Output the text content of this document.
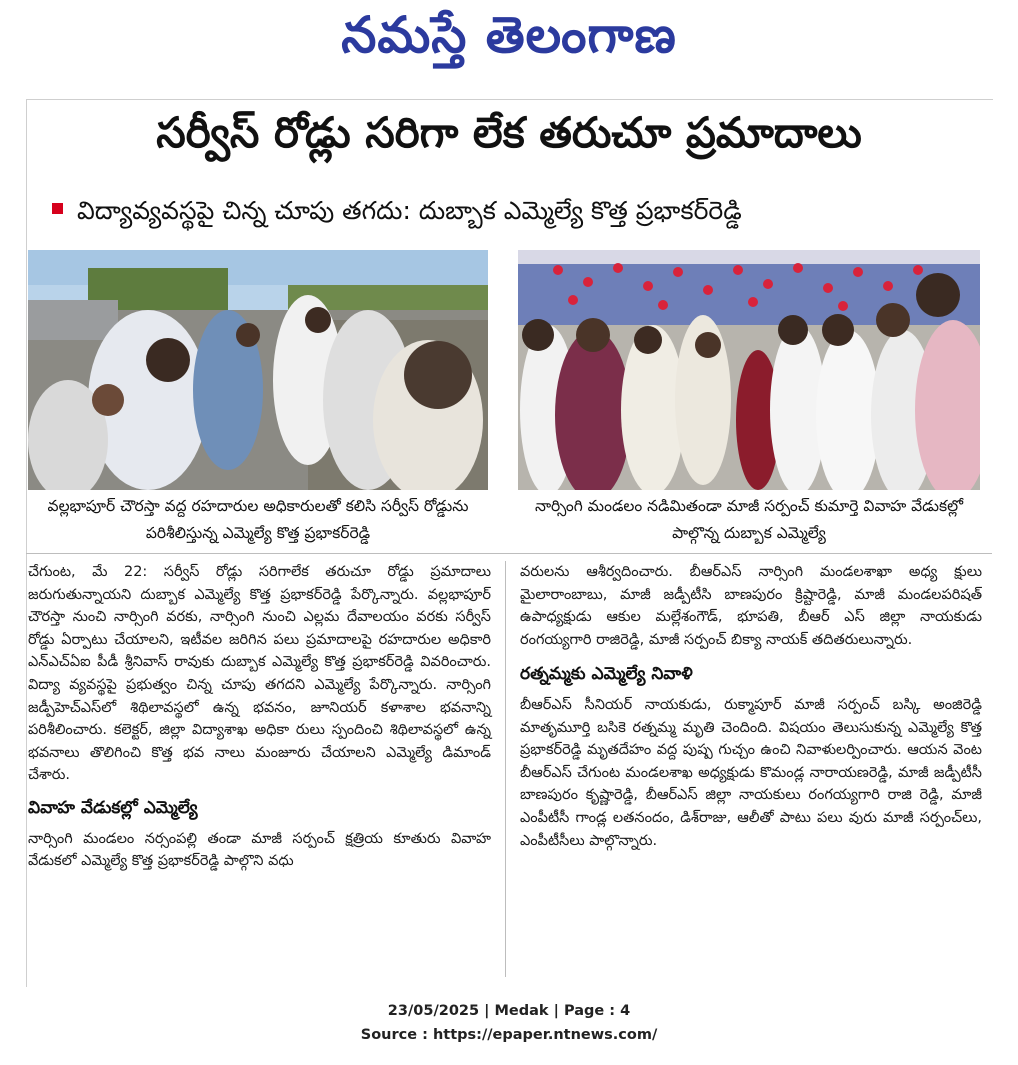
నమస్తే తెలంగాణ
సర్వీస్ రోడ్లు సరిగా లేక తరుచూ ప్రమాదాలు
విద్యావ్యవస్థపై చిన్న చూపు తగదు: దుబ్బాక ఎమ్మెల్యే కొత్త ప్రభాకర్‌రెడ్డి
వల్లభాపూర్ చౌరస్తా వద్ద రహదారుల అధికారులతో కలిసి సర్వీస్ రోడ్డును పరిశీలిస్తున్న ఎమ్మెల్యే కొత్త ప్రభాకర్‌రెడ్డి
నార్సింగి మండలం నడిమితండా మాజీ సర్పంచ్ కుమార్తె వివాహ వేడుకల్లో పాల్గొన్న దుబ్బాక ఎమ్మెల్యే

చేగుంట, మే 22: సర్వీస్ రోడ్లు సరిగాలేక తరుచూ రోడ్డు ప్రమాదాలు జరుగుతున్నాయని దుబ్బాక ఎమ్మెల్యే కొత్త ప్రభాకర్‌రెడ్డి పేర్కొన్నారు. వల్లభాపూర్ చౌరస్తా నుంచి నార్సింగి వరకు, నార్సింగి నుంచి ఎల్లమ దేవాలయం వరకు సర్వీస్ రోడ్డు ఏర్పాటు చేయాలని, ఇటీవల జరిగిన పలు ప్రమాదాలపై రహదారుల అధికారి ఎన్‌ఎచ్‌ఏఐ పీడీ శ్రీనివాస్ రావుకు దుబ్బాక ఎమ్మెల్యే కొత్త ప్రభాకర్‌రెడ్డి వివరించారు. విద్యా వ్యవస్థపై ప్రభుత్వం చిన్న చూపు తగదని ఎమ్మెల్యే పేర్కొన్నారు. నార్సింగి జడ్పీహెచ్‌ఎస్‌లో శిథిలావస్థలో ఉన్న భవనం, జూనియర్ కళాశాల భవనాన్ని పరిశీలించారు. కలెక్టర్, జిల్లా విద్యాశాఖ అధికా రులు స్పందించి శిథిలావస్థలో ఉన్న భవనాలు తొలిగించి కొత్త భవ నాలు మంజూరు చేయాలని ఎమ్మెల్యే డిమాండ్ చేశారు.

వివాహ వేడుకల్లో ఎమ్మెల్యే

నార్సింగి మండలం నర్సంపల్లి తండా మాజీ సర్పంచ్ క్షత్రియ కూతురు వివాహ వేడుకలో ఎమ్మెల్యే కొత్త ప్రభాకర్‌రెడ్డి పాల్గొని వధు

వరులను ఆశీర్వదించారు. బీఆర్‌ఎస్ నార్సింగి మండలశాఖా అధ్య క్షులు మైలారాంబాబు, మాజీ జడ్పీటీసి బాణపురం క్రిష్టారెడ్డి, మాజీ మండలపరిషత్ ఉపాధ్యక్షుడు ఆకుల మల్లేశంగౌడ్, భూపతి, బీఆర్ ఎస్ జిల్లా నాయకుడు రంగయ్యగారి రాజిరెడ్డి, మాజీ సర్పంచ్ బిక్యా నాయక్ తదితరులున్నారు.

రత్నమ్మకు ఎమ్మెల్యే నివాళి

బీఆర్‌ఎస్ సీనియర్ నాయకుడు, రుక్మాపూర్ మాజీ సర్పంచ్ బస్కి అంజిరెడ్డి మాతృమూర్తి బసికె రత్నమ్మ మృతి చెందింది. విషయం తెలుసుకున్న ఎమ్మెల్యే కొత్త ప్రభాకర్‌రెడ్డి మృతదేహం వద్ద పుష్ప గుచ్చం ఉంచి నివాళులర్పించారు. ఆయన వెంట బీఆర్‌ఎస్ చేగుంట మండలశాఖ అధ్యక్షుడు కొమండ్ల నారాయణరెడ్డి, మాజీ జడ్పీటీసీ బాణపురం కృష్ణారెడ్డి, బీఆర్‌ఎస్ జిల్లా నాయకులు రంగయ్యగారి రాజి రెడ్డి, మాజీ ఎంపీటీసీ గాండ్ల లతనందం, డిశ్‌రాజు, ఆలీతో పాటు పలు వురు మాజీ సర్పంచ్‌లు, ఎంపీటీసీలు పాల్గొన్నారు.

23/05/2025 | Medak | Page : 4
Source : https://epaper.ntnews.com/
